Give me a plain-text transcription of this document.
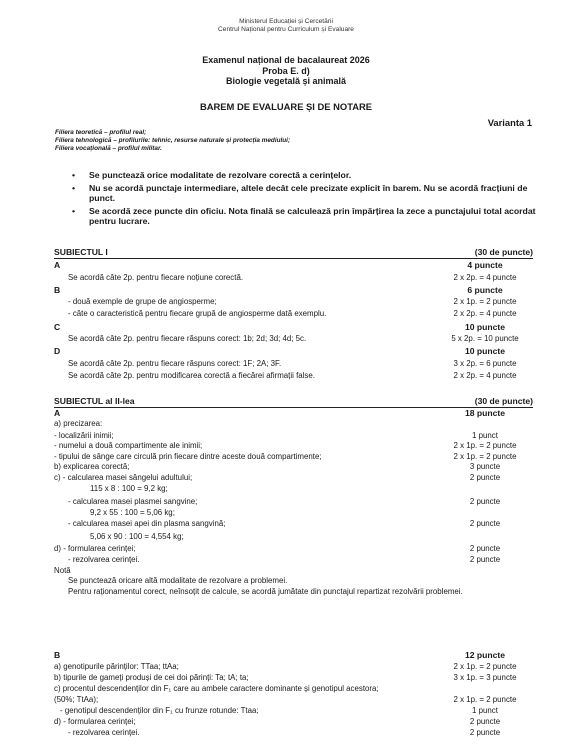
Ministerul Educației și Cercetării
Centrul Național pentru Curriculum și Evaluare
Examenul național de bacalaureat 2026
Proba E. d)
Biologie vegetală și animală
BAREM DE EVALUARE ȘI DE NOTARE
Varianta 1
Filiera teoretică – profilul real;
Filiera tehnologică – profilurile: tehnic, resurse naturale și protecția mediului;
Filiera vocațională – profilul militar.
• Se punctează orice modalitate de rezolvare corectă a cerințelor.
• Nu se acordă punctaje intermediare, altele decât cele precizate explicit în barem. Nu se acordă fracțiuni de punct.
• Se acordă zece puncte din oficiu. Nota finală se calculează prin împărțirea la zece a punctajului total acordat pentru lucrare.
SUBIECTUL I	(30 de puncte)
A	4 puncte
Se acordă câte 2p. pentru fiecare noțiune corectă.	2 x 2p. = 4 puncte
B	6 puncte
- două exemple de grupe de angiosperme;	2 x 1p. = 2 puncte
- câte o caracteristică pentru fiecare grupă de angiosperme dată exemplu.	2 x 2p. = 4 puncte
C	10 puncte
Se acordă câte 2p. pentru fiecare răspuns corect: 1b; 2d; 3d; 4d; 5c.	5 x 2p. = 10 puncte
D	10 puncte
Se acordă câte 2p. pentru fiecare răspuns corect: 1F; 2A; 3F.	3 x 2p. = 6 puncte
Se acordă câte 2p. pentru modificarea corectă a fiecărei afirmații false.	2 x 2p. = 4 puncte
SUBIECTUL al II-lea	(30 de puncte)
A	18 puncte
a) precizarea:
- localizării inimii;	1 punct
- numelui a două compartimente ale inimii;	2 x 1p. = 2 puncte
- tipului de sânge care circulă prin fiecare dintre aceste două compartimente;	2 x 1p. = 2 puncte
b) explicarea corectă;	3 puncte
c) - calcularea masei sângelui adultului;	2 puncte
115 x 8 : 100 = 9,2 kg;
- calcularea masei plasmei sangvine;	2 puncte
9,2 x 55 : 100 = 5,06 kg;
- calcularea masei apei din plasma sangvină;	2 puncte
5,06 x 90 : 100 = 4,554 kg;
d) - formularea cerinței;	2 puncte
- rezolvarea cerinței.	2 puncte
Notă
Se punctează oricare altă modalitate de rezolvare a problemei.
Pentru raționamentul corect, neînsoțit de calcule, se acordă jumătate din punctajul repartizat rezolvării problemei.
B	12 puncte
a) genotipurile părinților: TTaa; ttAa;	2 x 1p. = 2 puncte
b) tipurile de gameți produși de cei doi părinți: Ta; tA; ta;	3 x 1p. = 3 puncte
c) procentul descendenților din F₁ care au ambele caractere dominante și genotipul acestora;
(50%; TtAa);	2 x 1p. = 2 puncte
- genotipul descendenților din F₁ cu frunze rotunde: Ttaa;	1 punct
d) - formularea cerinței;	2 puncte
- rezolvarea cerinței.	2 puncte
